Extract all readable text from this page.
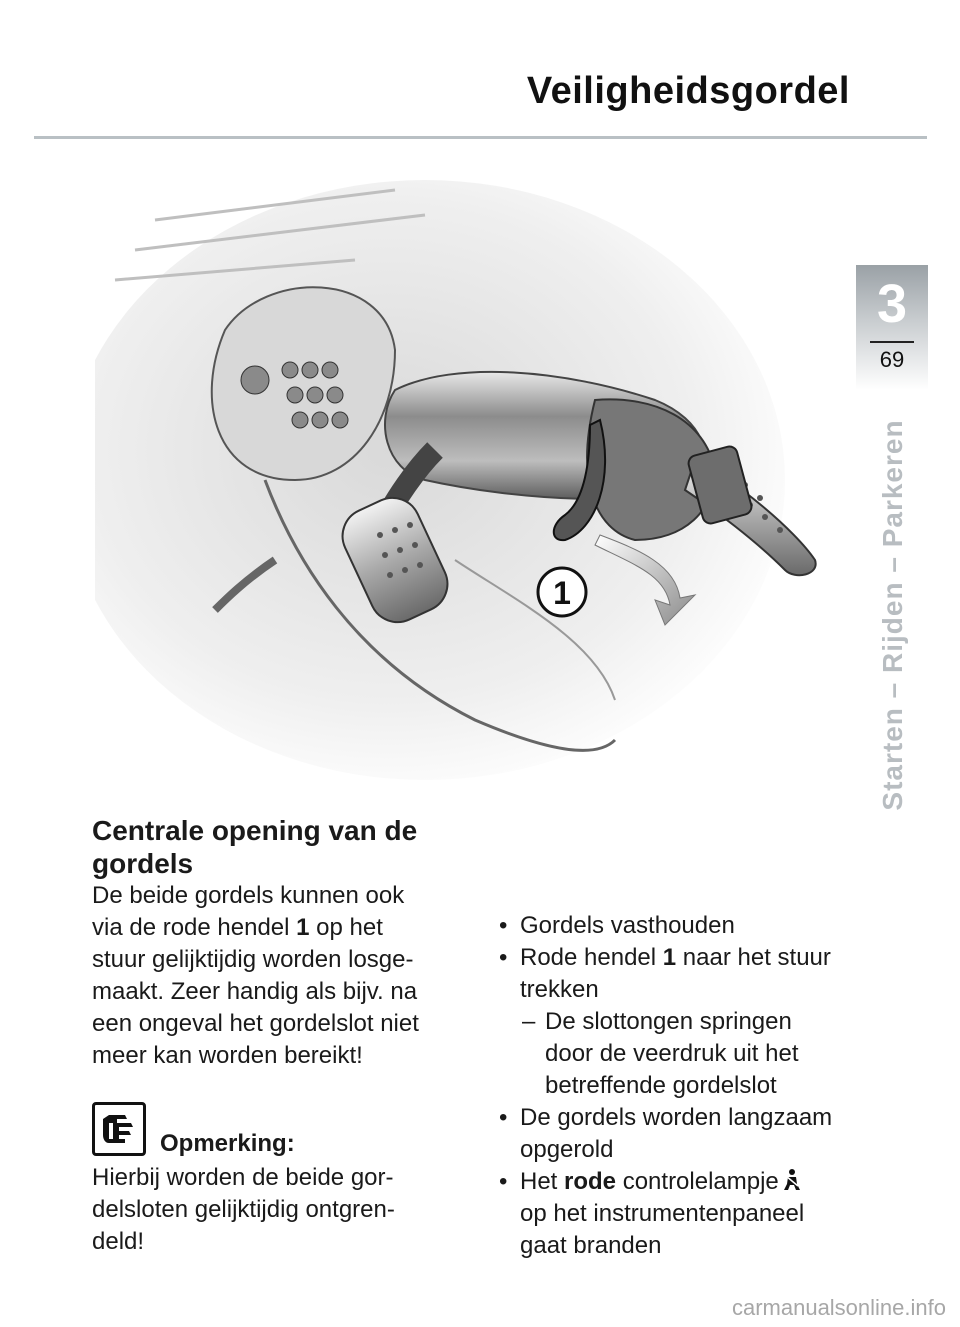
Veiligheidsgordel
3
69
Starten – Rijden – Parkeren
1
Centrale opening van de gordels

De beide gordels kunnen ook

via de rode hendel 1 op het

stuur gelijktijdig worden losge-

maakt. Zeer handig als bijv. na

een ongeval het gordelslot niet

meer kan worden bereikt!

Opmerking:

Hierbij worden de beide gor-

delsloten gelijktijdig ontgren-

deld!

• Gordels vasthouden
• Rode hendel 1 naar het stuur
trekken
– De slottongen springen
door de veerdruk uit het
betreffende gordelslot
• De gordels worden langzaam
opgerold
• Het rode controlelampje
op het instrumentenpaneel
gaat branden
carmanualsonline.info
